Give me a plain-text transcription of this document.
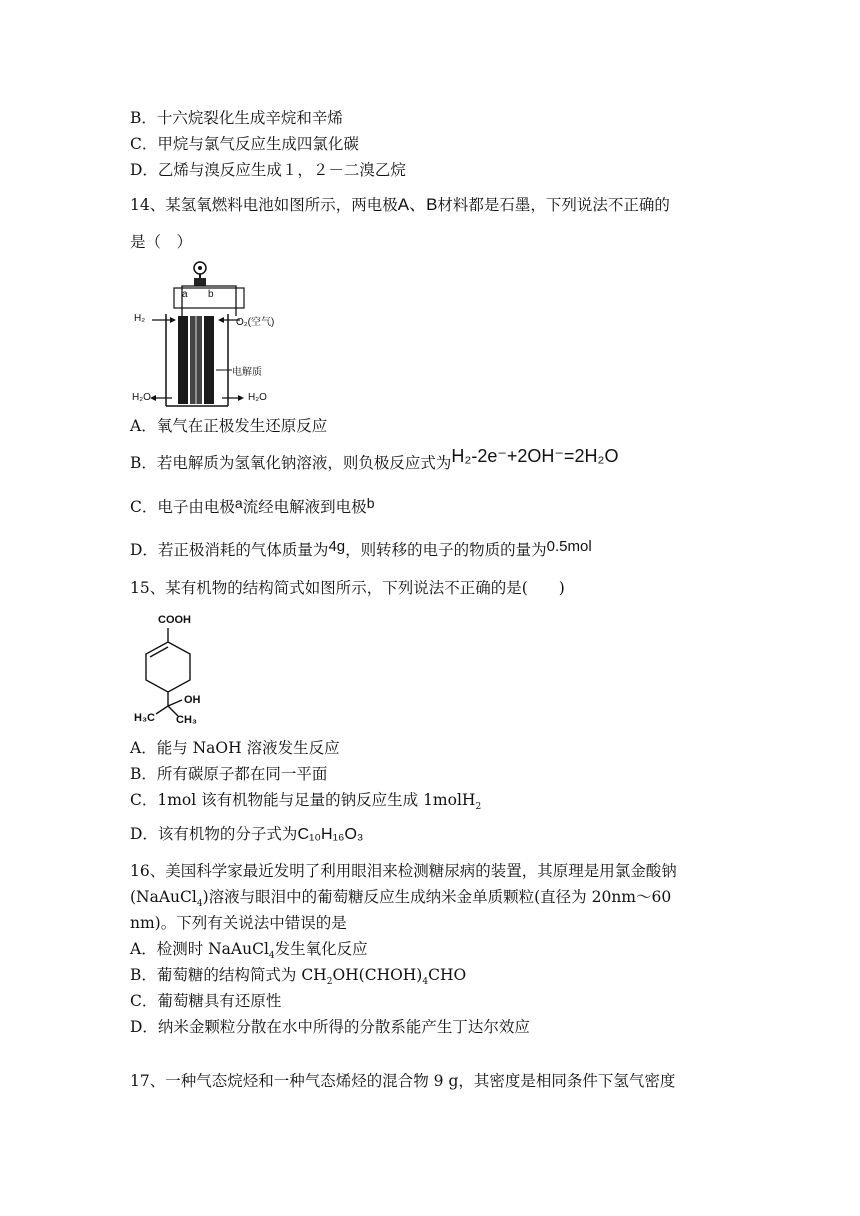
B．十六烷裂化生成辛烷和辛烯
C．甲烷与氯气反应生成四氯化碳
D．乙烯与溴反应生成１，２－二溴乙烷
14、某氢氧燃料电池如图所示，两电极A、B材料都是石墨，下列说法不正确的
是（　）
a b
H₂	O₂(空气)
电解质
H₂O	H₂O
A．氧气在正极发生还原反应
B．若电解质为氢氧化钠溶液，则负极反应式为H₂-2e⁻+2OH⁻=2H₂O
C．电子由电极a流经电解液到电极b
D．若正极消耗的气体质量为4g，则转移的电子的物质的量为0.5mol
15、某有机物的结构简式如图所示，下列说法不正确的是(　　)
COOH
OH
H₃C CH₃
A．能与 NaOH 溶液发生反应
B．所有碳原子都在同一平面
C．1mol 该有机物能与足量的钠反应生成 1molH$_2$
D．该有机物的分子式为C₁₀H₁₆O₃
16、美国科学家最近发明了利用眼泪来检测糖尿病的装置，其原理是用氯金酸钠
(NaAuCl$_4$)溶液与眼泪中的葡萄糖反应生成纳米金单质颗粒(直径为 20nm～60
nm)。下列有关说法中错误的是
A．检测时 NaAuCl$_4$发生氧化反应
B．葡萄糖的结构简式为 $CH_2OH(CHOH)_4CHO$
C．葡萄糖具有还原性
D．纳米金颗粒分散在水中所得的分散系能产生丁达尔效应
17、一种气态烷烃和一种气态烯烃的混合物 9 g，其密度是相同条件下氢气密度
